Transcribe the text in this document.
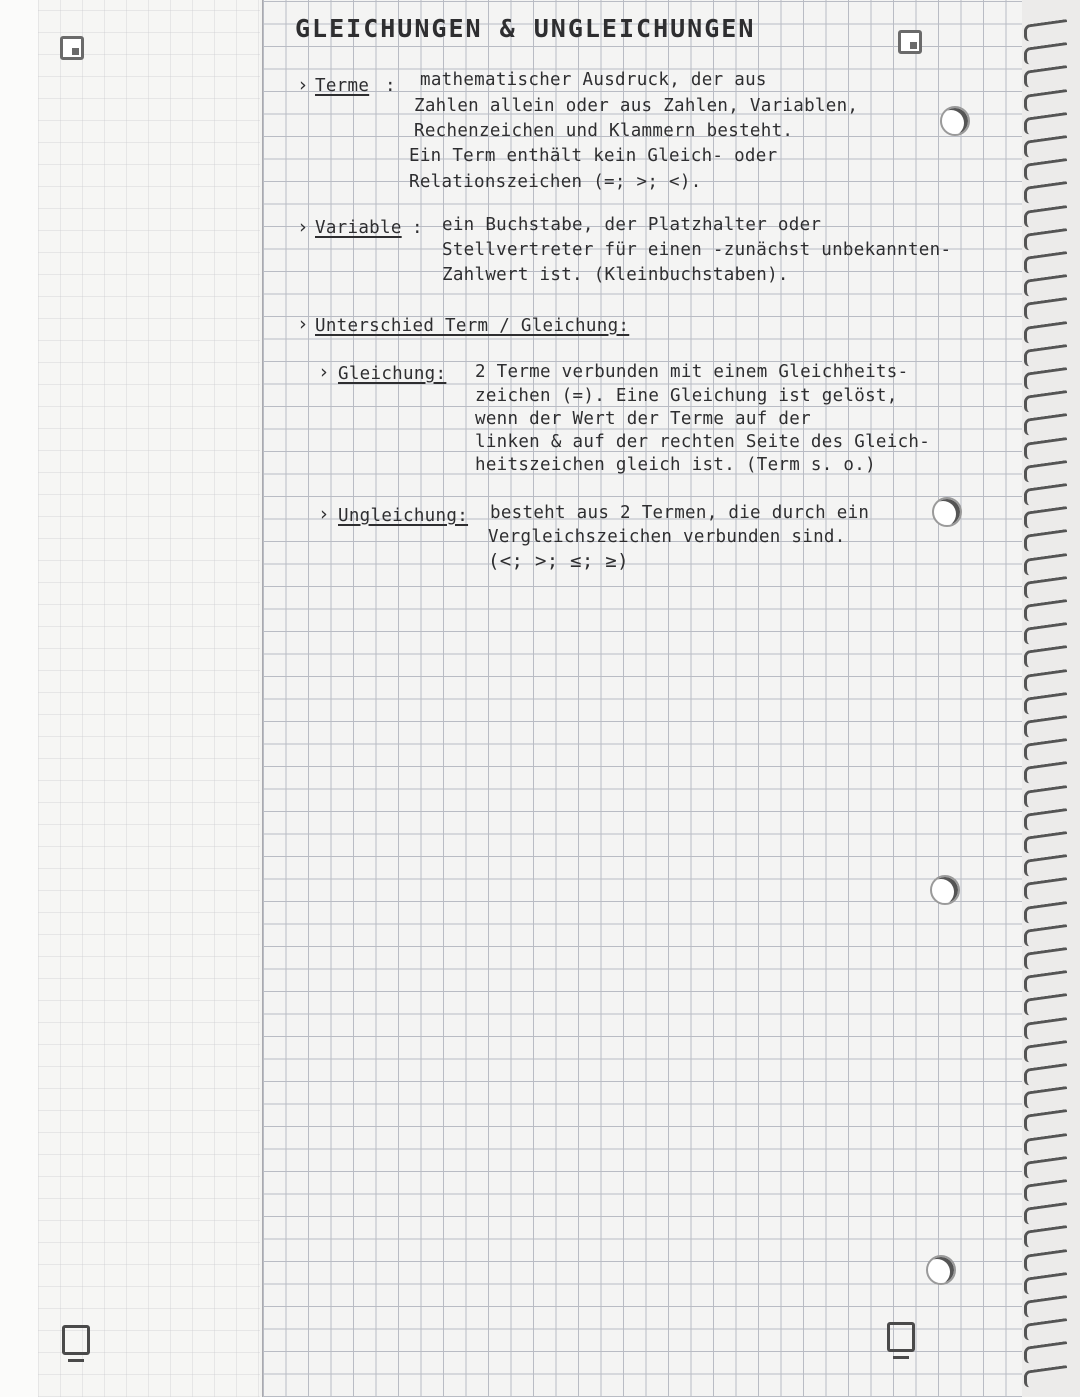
GLEICHUNGEN & UNGLEICHUNGEN
› Terme : mathematischer Ausdruck, der aus
Zahlen allein oder aus Zahlen, Variablen,
Rechenzeichen und Klammern besteht.
Ein Term enthält kein Gleich- oder
Relationszeichen (=; >; <).
› Variable : ein Buchstabe, der Platzhalter oder
Stellvertreter für einen -zunächst unbekannten-
Zahlwert ist. (Kleinbuchstaben).
› Unterschied Term / Gleichung:
› Gleichung: 2 Terme verbunden mit einem Gleichheits-
zeichen (=). Eine Gleichung ist gelöst,
wenn der Wert der Terme auf der
linken & auf der rechten Seite des Gleich-
heitszeichen gleich ist. (Term s. o.)
› Ungleichung: besteht aus 2 Termen, die durch ein
Vergleichszeichen verbunden sind.
(<; >; ≤; ≥)
